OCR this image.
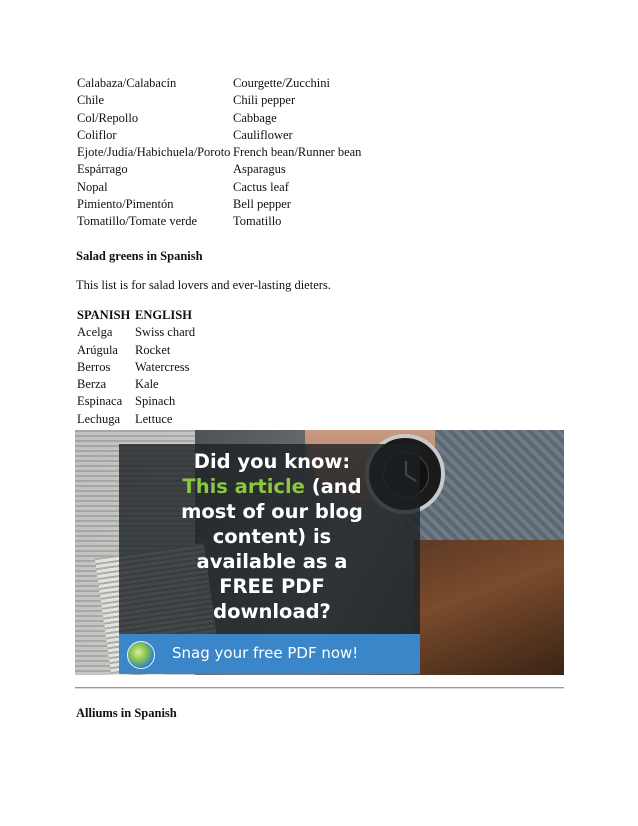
Calabaza/Calabacín	Courgette/Zucchini
Chile	Chili pepper
Col/Repollo	Cabbage
Coliflor	Cauliflower
Ejote/Judía/Habichuela/Poroto French bean/Runner bean
Espárrago	Asparagus
Nopal	Cactus leaf
Pimiento/Pimentón	Bell pepper
Tomatillo/Tomate verde	Tomatillo
Salad greens in Spanish
This list is for salad lovers and ever-lasting dieters.
SPANISH ENGLISH
Acelga	Swiss chard
Arúgula	Rocket
Berros	Watercress
Berza	Kale
Espinaca	Spinach
Lechuga	Lettuce
Did you know:
This article (and
most of our blog
content) is
available as a
FREE PDF
download?
Snag your free PDF now!
Alliums in Spanish
